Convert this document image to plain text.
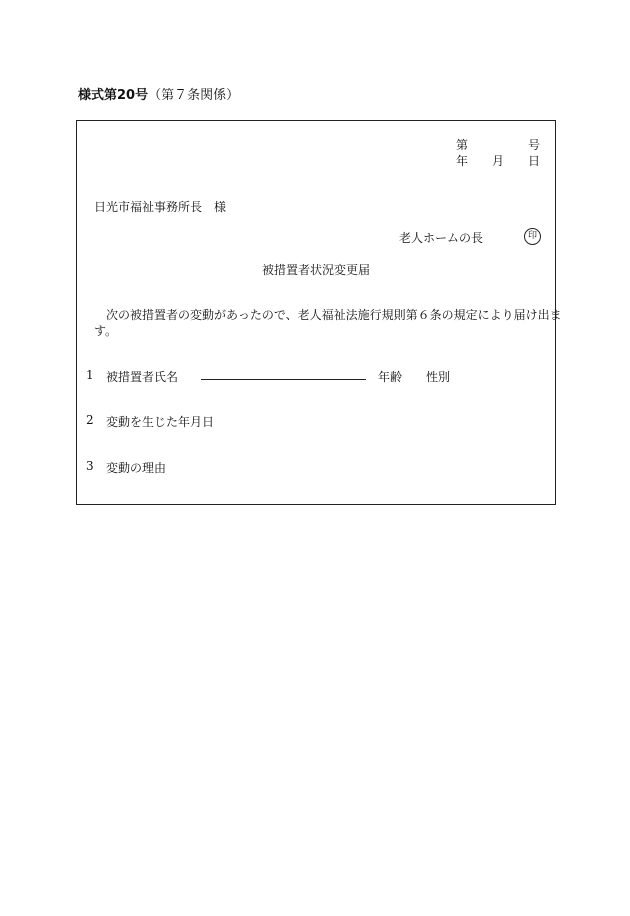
様式第20号（第７条関係）
第	号
年 月 日
日光市福祉事務所長　様
老人ホームの長	印
被措置者状況変更届
次の被措置者の変動があったので、老人福祉法施行規則第６条の規定により届け出ま
す。
1 被措置者氏名	年齢 性別
2 変動を生じた年月日
3 変動の理由
